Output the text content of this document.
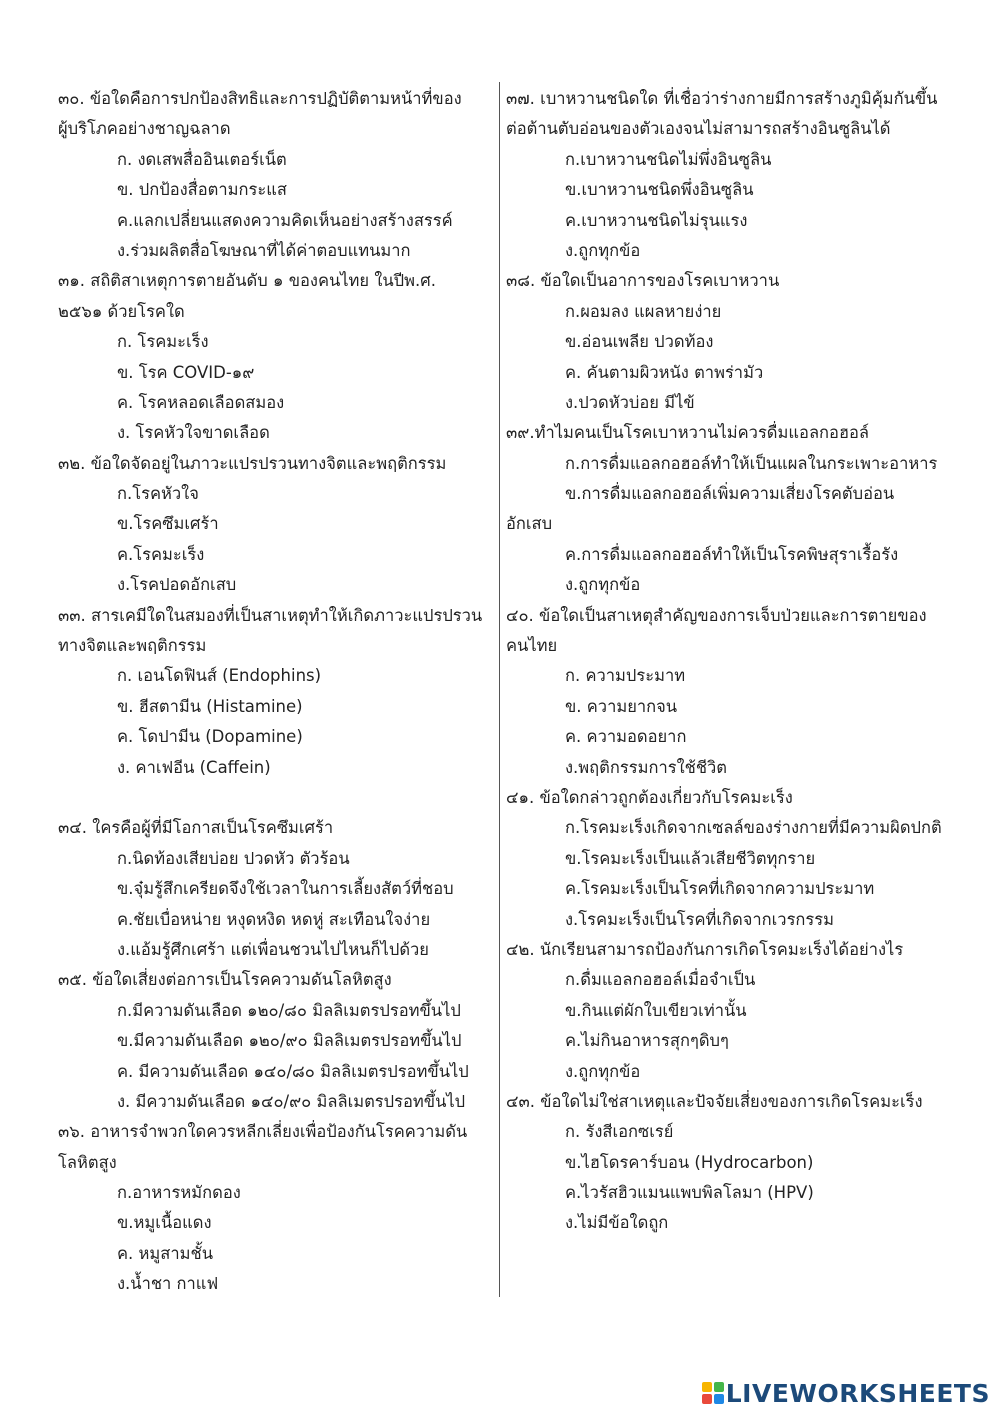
๓๐. ข้อใดคือการปกป้องสิทธิและการปฏิบัติตามหน้าที่ของ

ผู้บริโภคอย่างชาญฉลาด

ก. งดเสพสื่ออินเตอร์เน็ต

ข. ปกป้องสื่อตามกระแส

ค.แลกเปลี่ยนแสดงความคิดเห็นอย่างสร้างสรรค์

ง.ร่วมผลิตสื่อโฆษณาที่ได้ค่าตอบแทนมาก

๓๑. สถิติสาเหตุการตายอันดับ ๑ ของคนไทย ในปีพ.ศ.

๒๕๖๑ ด้วยโรคใด

ก. โรคมะเร็ง

ข. โรค COVID-๑๙

ค. โรคหลอดเลือดสมอง

ง. โรคหัวใจขาดเลือด

๓๒. ข้อใดจัดอยู่ในภาวะแปรปรวนทางจิตและพฤติกรรม

ก.โรคหัวใจ

ข.โรคซึมเศร้า

ค.โรคมะเร็ง

ง.โรคปอดอักเสบ

๓๓. สารเคมีใดในสมองที่เป็นสาเหตุทำให้เกิดภาวะแปรปรวน

ทางจิตและพฤติกรรม

ก. เอนโดฟินส์ (Endophins)

ข. ฮีสตามีน (Histamine)

ค. โดปามีน (Dopamine)

ง. คาเฟอีน (Caffein)

๓๔. ใครคือผู้ที่มีโอกาสเป็นโรคซึมเศร้า

ก.นิดท้องเสียบ่อย ปวดหัว ตัวร้อน

ข.จุ๋มรู้สึกเครียดจึงใช้เวลาในการเลี้ยงสัตว์ที่ชอบ

ค.ชัยเบื่อหน่าย หงุดหงิด หดหู่ สะเทือนใจง่าย

ง.แอ้มรู้ศึกเศร้า แต่เพื่อนชวนไปไหนก็ไปด้วย

๓๕. ข้อใดเสี่ยงต่อการเป็นโรคความดันโลหิตสูง

ก.มีความดันเลือด ๑๒๐/๘๐ มิลลิเมตรปรอทขึ้นไป

ข.มีความดันเลือด ๑๒๐/๙๐ มิลลิเมตรปรอทขึ้นไป

ค. มีความดันเลือด ๑๔๐/๘๐ มิลลิเมตรปรอทขึ้นไป

ง. มีความดันเลือด ๑๔๐/๙๐ มิลลิเมตรปรอทขึ้นไป

๓๖. อาหารจำพวกใดควรหลีกเลี่ยงเพื่อป้องกันโรคความดัน

โลหิตสูง

ก.อาหารหมักดอง

ข.หมูเนื้อแดง

ค. หมูสามชั้น

ง.น้ำชา กาแฟ

๓๗. เบาหวานชนิดใด ที่เชื่อว่าร่างกายมีการสร้างภูมิคุ้มกันขึ้น

ต่อต้านตับอ่อนของตัวเองจนไม่สามารถสร้างอินซูลินได้

ก.เบาหวานชนิดไม่พึ่งอินซูลิน

ข.เบาหวานชนิดพึ่งอินซูลิน

ค.เบาหวานชนิดไม่รุนแรง

ง.ถูกทุกข้อ

๓๘. ข้อใดเป็นอาการของโรคเบาหวาน

ก.ผอมลง แผลหายง่าย

ข.อ่อนเพลีย ปวดท้อง

ค. คันตามผิวหนัง ตาพร่ามัว

ง.ปวดหัวบ่อย มีไข้

๓๙.ทำไมคนเป็นโรคเบาหวานไม่ควรดื่มแอลกอฮอล์

ก.การดื่มแอลกอฮอล์ทำให้เป็นแผลในกระเพาะอาหาร

ข.การดื่มแอลกอฮอล์เพิ่มความเสี่ยงโรคตับอ่อน

อักเสบ

ค.การดื่มแอลกอฮอล์ทำให้เป็นโรคพิษสุราเรื้อรัง

ง.ถูกทุกข้อ

๔๐. ข้อใดเป็นสาเหตุสำคัญของการเจ็บป่วยและการตายของ

คนไทย

ก. ความประมาท

ข. ความยากจน

ค. ความอดอยาก

ง.พฤติกรรมการใช้ชีวิต

๔๑. ข้อใดกล่าวถูกต้องเกี่ยวกับโรคมะเร็ง

ก.โรคมะเร็งเกิดจากเซลล์ของร่างกายที่มีความผิดปกติ

ข.โรคมะเร็งเป็นแล้วเสียชีวิตทุกราย

ค.โรคมะเร็งเป็นโรคที่เกิดจากความประมาท

ง.โรคมะเร็งเป็นโรคที่เกิดจากเวรกรรม

๔๒. นักเรียนสามารถป้องกันการเกิดโรคมะเร็งได้อย่างไร

ก.ดื่มแอลกอฮอล์เมื่อจำเป็น

ข.กินแต่ผักใบเขียวเท่านั้น

ค.ไม่กินอาหารสุกๆดิบๆ

ง.ถูกทุกข้อ

๔๓. ข้อใดไม่ใช่สาเหตุและปัจจัยเสี่ยงของการเกิดโรคมะเร็ง

ก. รังสีเอกซเรย์

ข.ไฮโดรคาร์บอน (Hydrocarbon)

ค.ไวรัสฮิวแมนแพบพิลโลมา (HPV)

ง.ไม่มีข้อใดถูก

LIVEWORKSHEETS
